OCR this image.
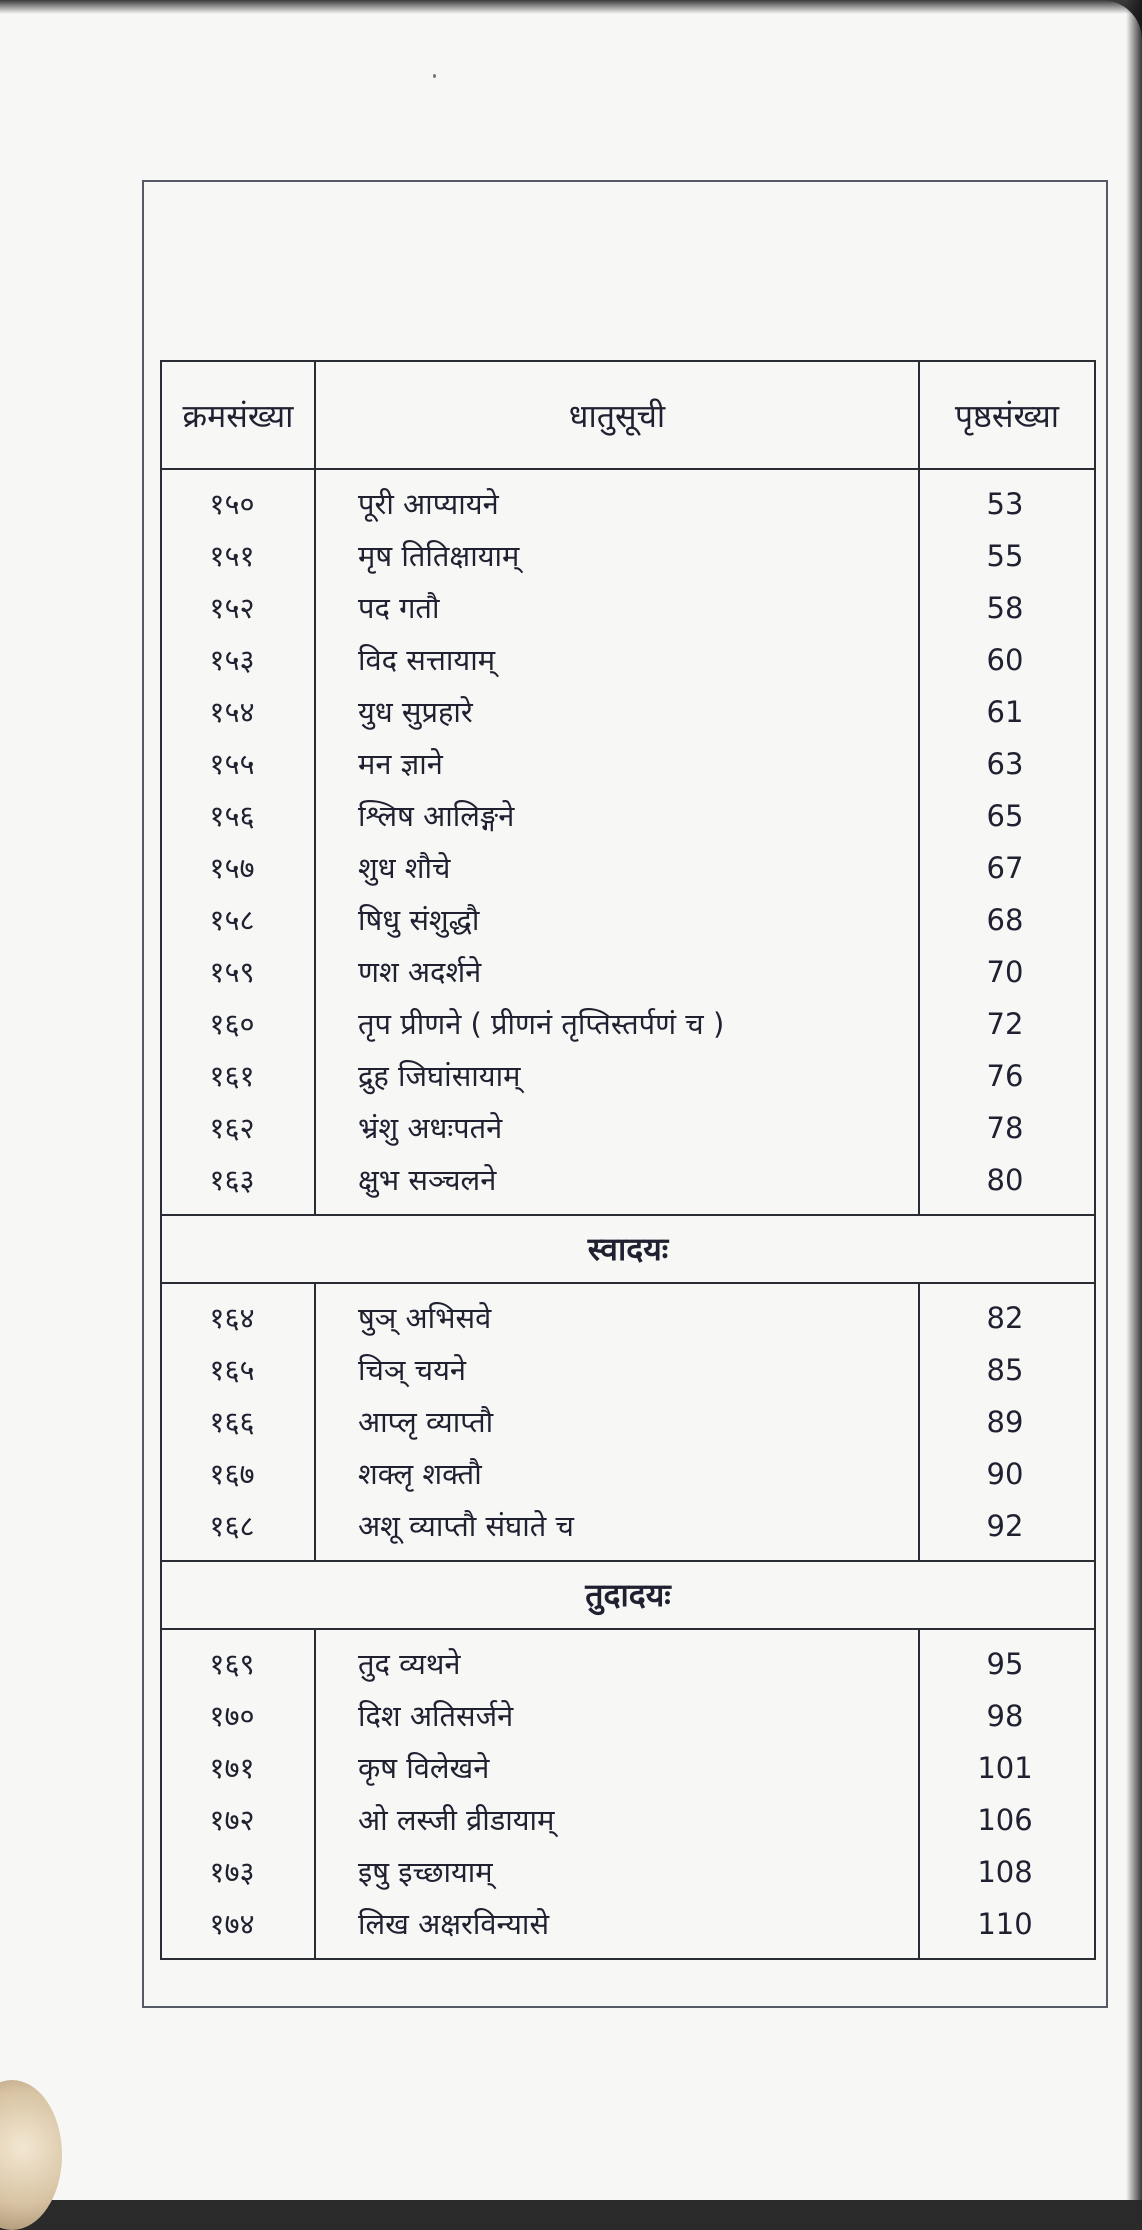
क्रमसंख्या	धातुसूची	पृष्ठसंख्या
१५०
१५१
१५२
१५३
१५४
१५५
१५६
१५७
१५८
१५९
१६०
१६१
१६२
१६३
पूरी आप्यायने
मृष तितिक्षायाम्
पद गतौ
विद सत्तायाम्
युध सुप्रहारे
मन ज्ञाने
श्लिष आलिङ्गने
शुध शौचे
षिधु संशुद्धौ
णश अदर्शने
तृप प्रीणने ( प्रीणनं तृप्तिस्तर्पणं च )
द्रुह जिघांसायाम्
भ्रंशु अधःपतने
क्षुभ सञ्चलने
53
55
58
60
61
63
65
67
68
70
72
76
78
80
स्वादयः
१६४
१६५
१६६
१६७
१६८
षुञ् अभिसवे
चिञ् चयने
आप्लृ व्याप्तौ
शक्लृ शक्तौ
अशू व्याप्तौ संघाते च
82
85
89
90
92
तुदादयः
१६९
१७०
१७१
१७२
१७३
१७४
तुद व्यथने
दिश अतिसर्जने
कृष विलेखने
ओ लस्जी व्रीडायाम्
इषु इच्छायाम्
लिख अक्षरविन्यासे
95
98
101
106
108
110
